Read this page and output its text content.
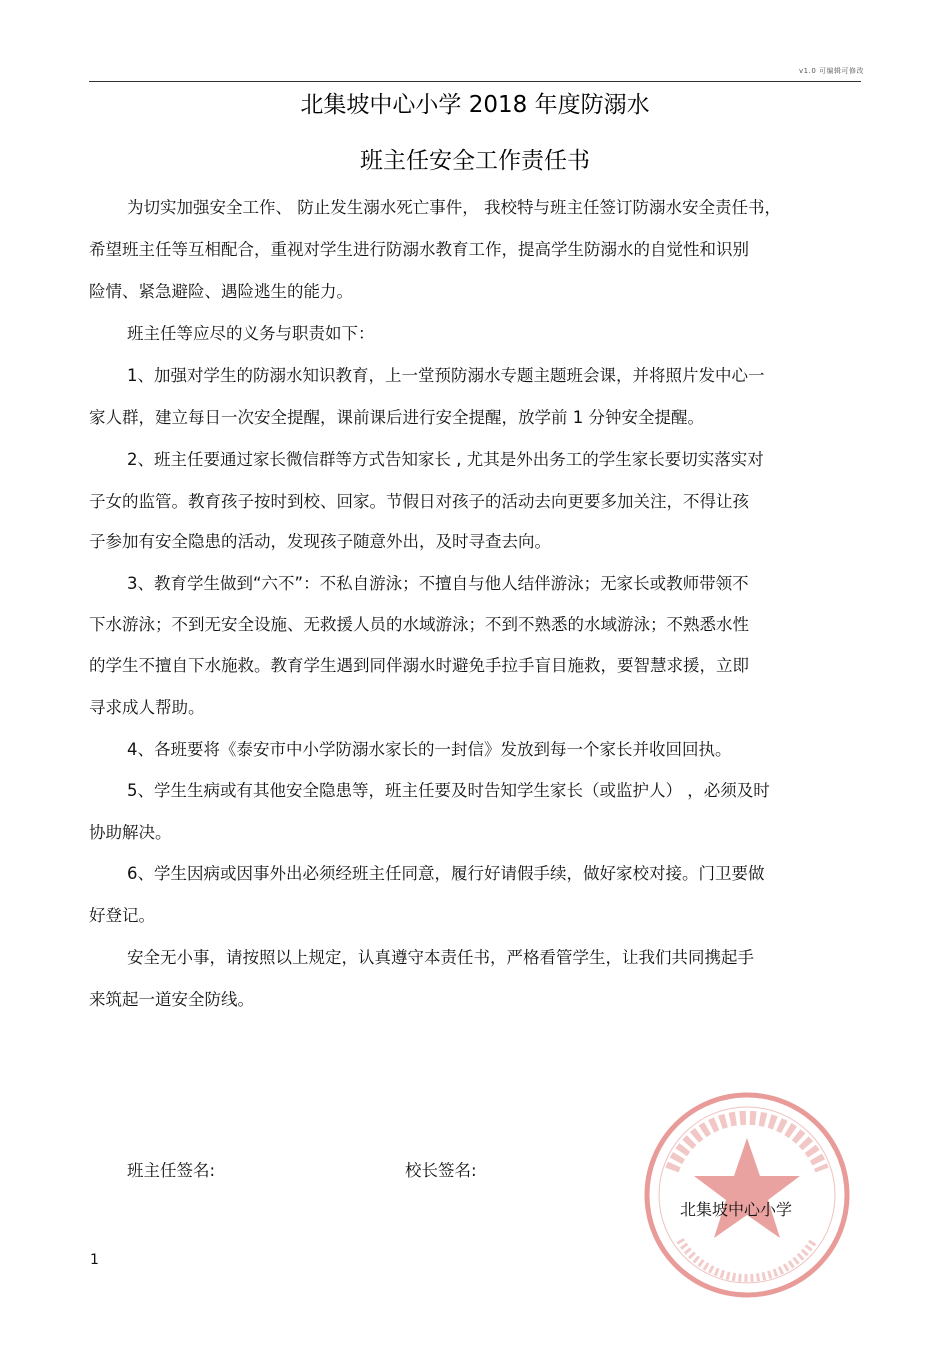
v1.0 可编辑可修改
北集坡中心小学 2018 年度防溺水
班主任安全工作责任书
为切实加强安全工作、 防止发生溺水死亡事件， 我校特与班主任签订防溺水安全责任书，
希望班主任等互相配合，重视对学生进行防溺水教育工作，提高学生防溺水的自觉性和识别
险情、紧急避险、遇险逃生的能力。
班主任等应尽的义务与职责如下：
1、加强对学生的防溺水知识教育，上一堂预防溺水专题主题班会课，并将照片发中心一
家人群，建立每日一次安全提醒，课前课后进行安全提醒，放学前 1 分钟安全提醒。
2、班主任要通过家长微信群等方式告知家长 , 尤其是外出务工的学生家长要切实落实对
子女的监管。教育孩子按时到校、回家。节假日对孩子的活动去向更要多加关注，不得让孩
子参加有安全隐患的活动，发现孩子随意外出，及时寻查去向。
3、教育学生做到“六不”：不私自游泳；不擅自与他人结伴游泳；无家长或教师带领不
下水游泳；不到无安全设施、无救援人员的水域游泳；不到不熟悉的水域游泳；不熟悉水性
的学生不擅自下水施救。教育学生遇到同伴溺水时避免手拉手盲目施救，要智慧求援，立即
寻求成人帮助。
4、各班要将《泰安市中小学防溺水家长的一封信》发放到每一个家长并收回回执。
5、学生生病或有其他安全隐患等，班主任要及时告知学生家长（或监护人） ，必须及时
协助解决。
6、学生因病或因事外出必须经班主任同意，履行好请假手续，做好家校对接。门卫要做
好登记。
安全无小事，请按照以上规定，认真遵守本责任书，严格看管学生，让我们共同携起手
来筑起一道安全防线。
班主任签名:	校长签名:
北集坡中心小学
1
